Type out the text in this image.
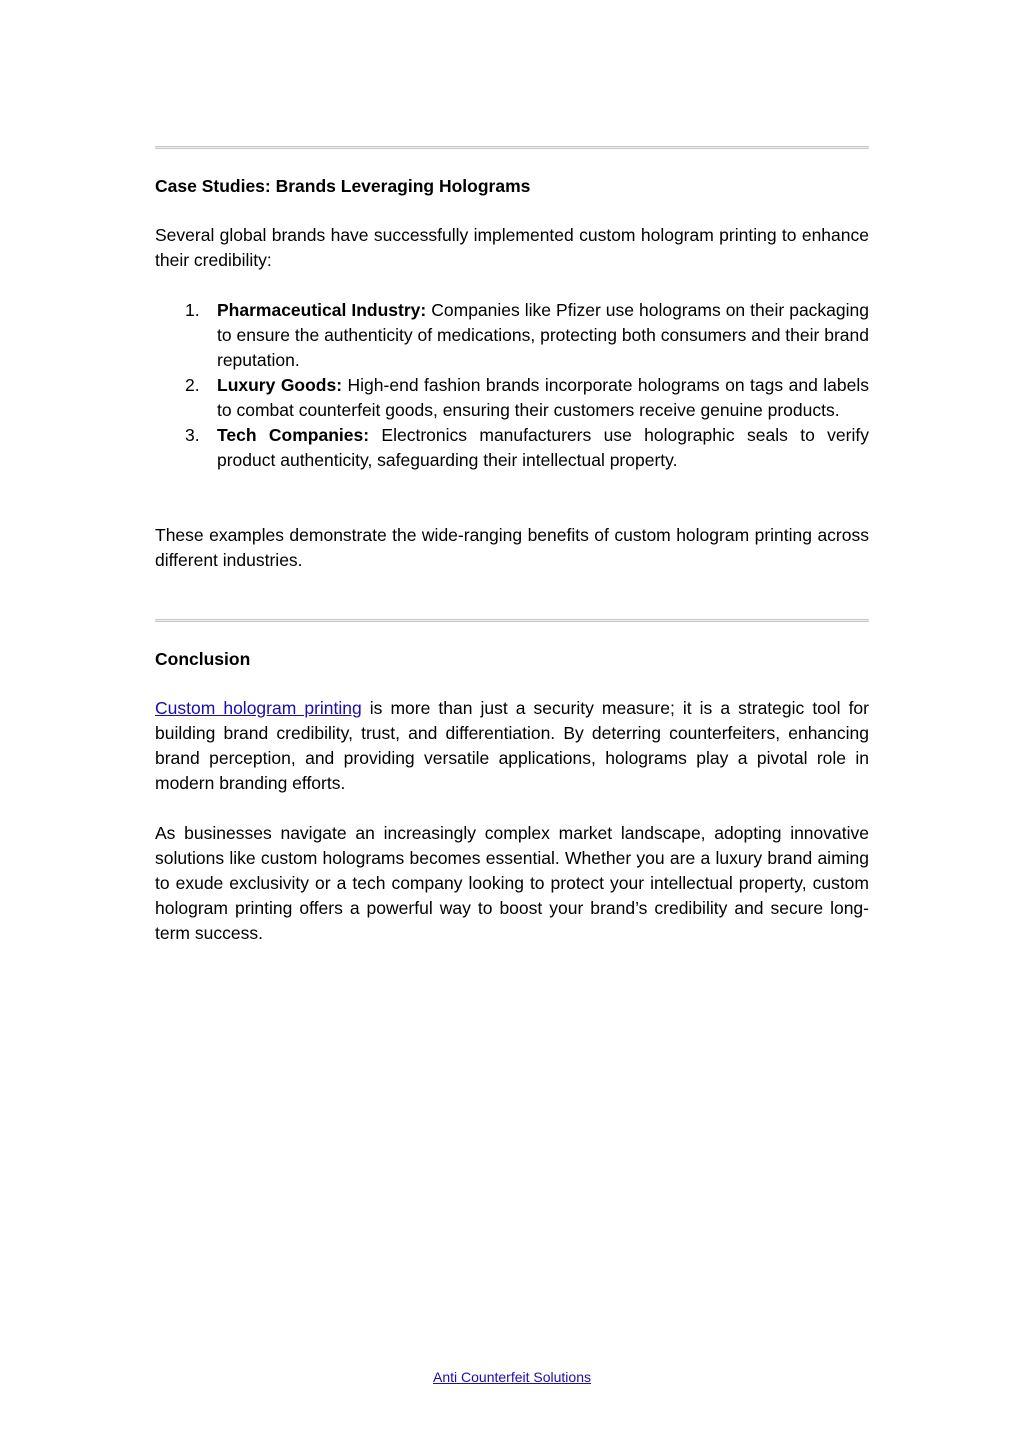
Case Studies: Brands Leveraging Holograms
Several global brands have successfully implemented custom hologram printing to enhance their credibility:
1. Pharmaceutical Industry: Companies like Pfizer use holograms on their packaging to ensure the authenticity of medications, protecting both consumers and their brand reputation.
2. Luxury Goods: High-end fashion brands incorporate holograms on tags and labels to combat counterfeit goods, ensuring their customers receive genuine products.
3. Tech Companies: Electronics manufacturers use holographic seals to verify product authenticity, safeguarding their intellectual property.
These examples demonstrate the wide-ranging benefits of custom hologram printing across different industries.
Conclusion
Custom hologram printing is more than just a security measure; it is a strategic tool for building brand credibility, trust, and differentiation. By deterring counterfeiters, enhancing brand perception, and providing versatile applications, holograms play a pivotal role in modern branding efforts.
As businesses navigate an increasingly complex market landscape, adopting innovative solutions like custom holograms becomes essential. Whether you are a luxury brand aiming to exude exclusivity or a tech company looking to protect your intellectual property, custom hologram printing offers a powerful way to boost your brand’s credibility and secure long-term success.
Anti Counterfeit Solutions
